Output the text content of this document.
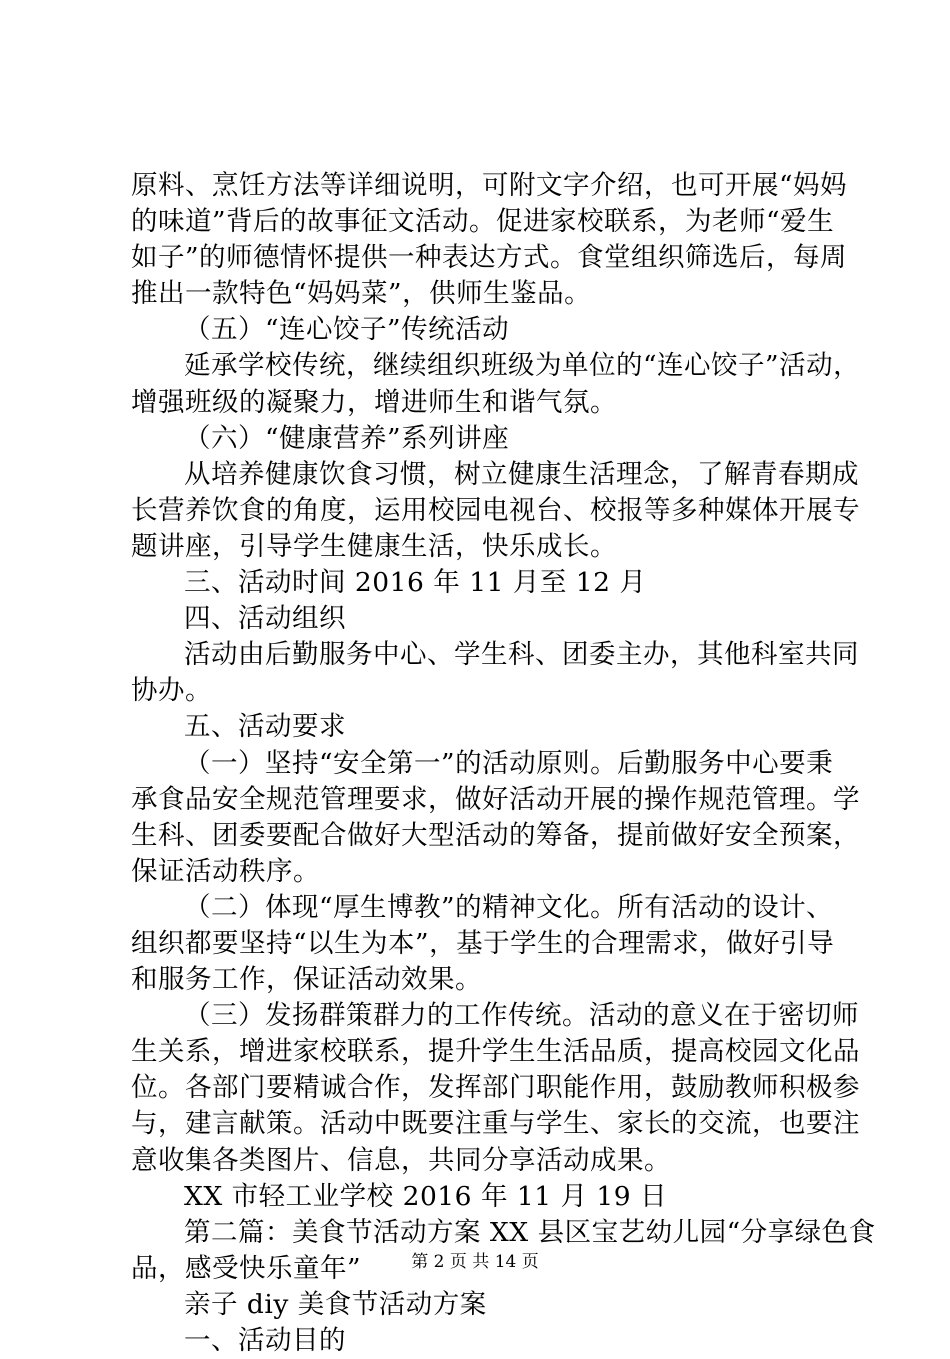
原料、烹饪方法等详细说明，可附文字介绍，也可开展“妈妈
的味道”背后的故事征文活动。促进家校联系，为老师“爱生
如子”的师德情怀提供一种表达方式。食堂组织筛选后，每周
推出一款特色“妈妈菜”，供师生鉴品。
（五）“连心饺子”传统活动
延承学校传统，继续组织班级为单位的“连心饺子”活动，
增强班级的凝聚力，增进师生和谐气氛。
（六）“健康营养”系列讲座
从培养健康饮食习惯，树立健康生活理念，了解青春期成
长营养饮食的角度，运用校园电视台、校报等多种媒体开展专
题讲座，引导学生健康生活，快乐成长。
三、活动时间 2016 年 11 月至 12 月
四、活动组织
活动由后勤服务中心、学生科、团委主办，其他科室共同
协办。
五、活动要求
（一）坚持“安全第一”的活动原则。后勤服务中心要秉
承食品安全规范管理要求，做好活动开展的操作规范管理。学
生科、团委要配合做好大型活动的筹备，提前做好安全预案，
保证活动秩序。
（二）体现“厚生博教”的精神文化。所有活动的设计、
组织都要坚持“以生为本”，基于学生的合理需求，做好引导
和服务工作，保证活动效果。
（三）发扬群策群力的工作传统。活动的意义在于密切师
生关系，增进家校联系，提升学生生活品质，提高校园文化品
位。各部门要精诚合作，发挥部门职能作用，鼓励教师积极参
与，建言献策。活动中既要注重与学生、家长的交流，也要注
意收集各类图片、信息，共同分享活动成果。
XX 市轻工业学校 2016 年 11 月 19 日
第二篇：美食节活动方案 XX 县区宝艺幼儿园“分享绿色食
品，感受快乐童年”
亲子 diy 美食节活动方案
一、活动目的
第 2 页 共 14 页
